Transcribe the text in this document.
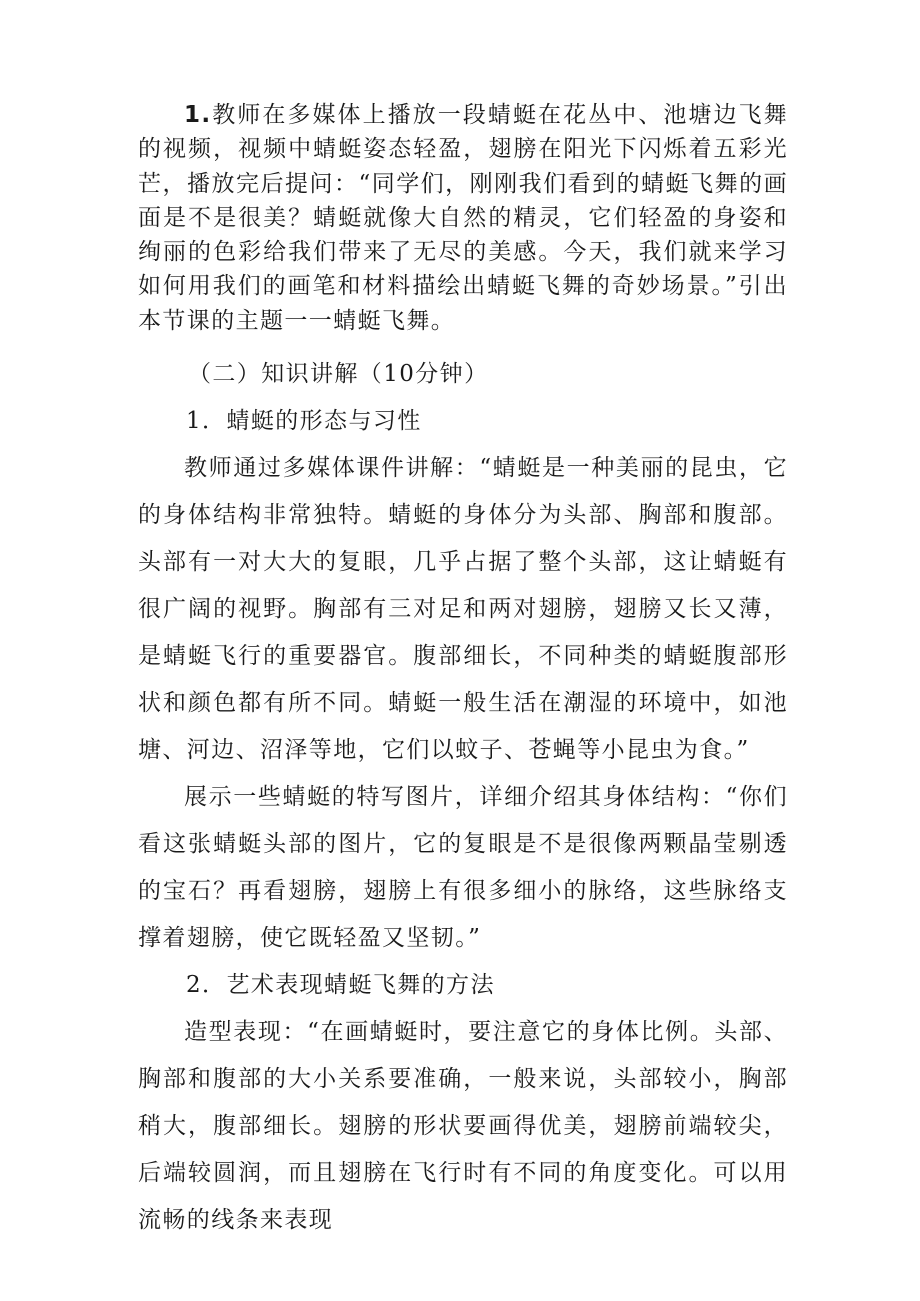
1.教师在多媒体上播放一段蜻蜓在花丛中、池塘边飞舞的视频，视频中蜻蜓姿态轻盈，翅膀在阳光下闪烁着五彩光芒，播放完后提问：“同学们，刚刚我们看到的蜻蜓飞舞的画面是不是很美？蜻蜓就像大自然的精灵，它们轻盈的身姿和绚丽的色彩给我们带来了无尽的美感。今天，我们就来学习如何用我们的画笔和材料描绘出蜻蜓飞舞的奇妙场景。”引出本节课的主题一一蜻蜓飞舞。

（二）知识讲解（10分钟）

1．蜻蜓的形态与习性

教师通过多媒体课件讲解：“蜻蜓是一种美丽的昆虫，它的身体结构非常独特。蜻蜓的身体分为头部、胸部和腹部。头部有一对大大的复眼，几乎占据了整个头部，这让蜻蜓有很广阔的视野。胸部有三对足和两对翅膀，翅膀又长又薄，是蜻蜓飞行的重要器官。腹部细长，不同种类的蜻蜓腹部形状和颜色都有所不同。蜻蜓一般生活在潮湿的环境中，如池塘、河边、沼泽等地，它们以蚊子、苍蝇等小昆虫为食。”

展示一些蜻蜓的特写图片，详细介绍其身体结构：“你们看这张蜻蜓头部的图片，它的复眼是不是很像两颗晶莹剔透的宝石？再看翅膀，翅膀上有很多细小的脉络，这些脉络支撑着翅膀，使它既轻盈又坚韧。”

2．艺术表现蜻蜓飞舞的方法

造型表现：“在画蜻蜓时，要注意它的身体比例。头部、胸部和腹部的大小关系要准确，一般来说，头部较小，胸部稍大，腹部细长。翅膀的形状要画得优美，翅膀前端较尖，后端较圆润，而且翅膀在飞行时有不同的角度变化。可以用流畅的线条来表现
